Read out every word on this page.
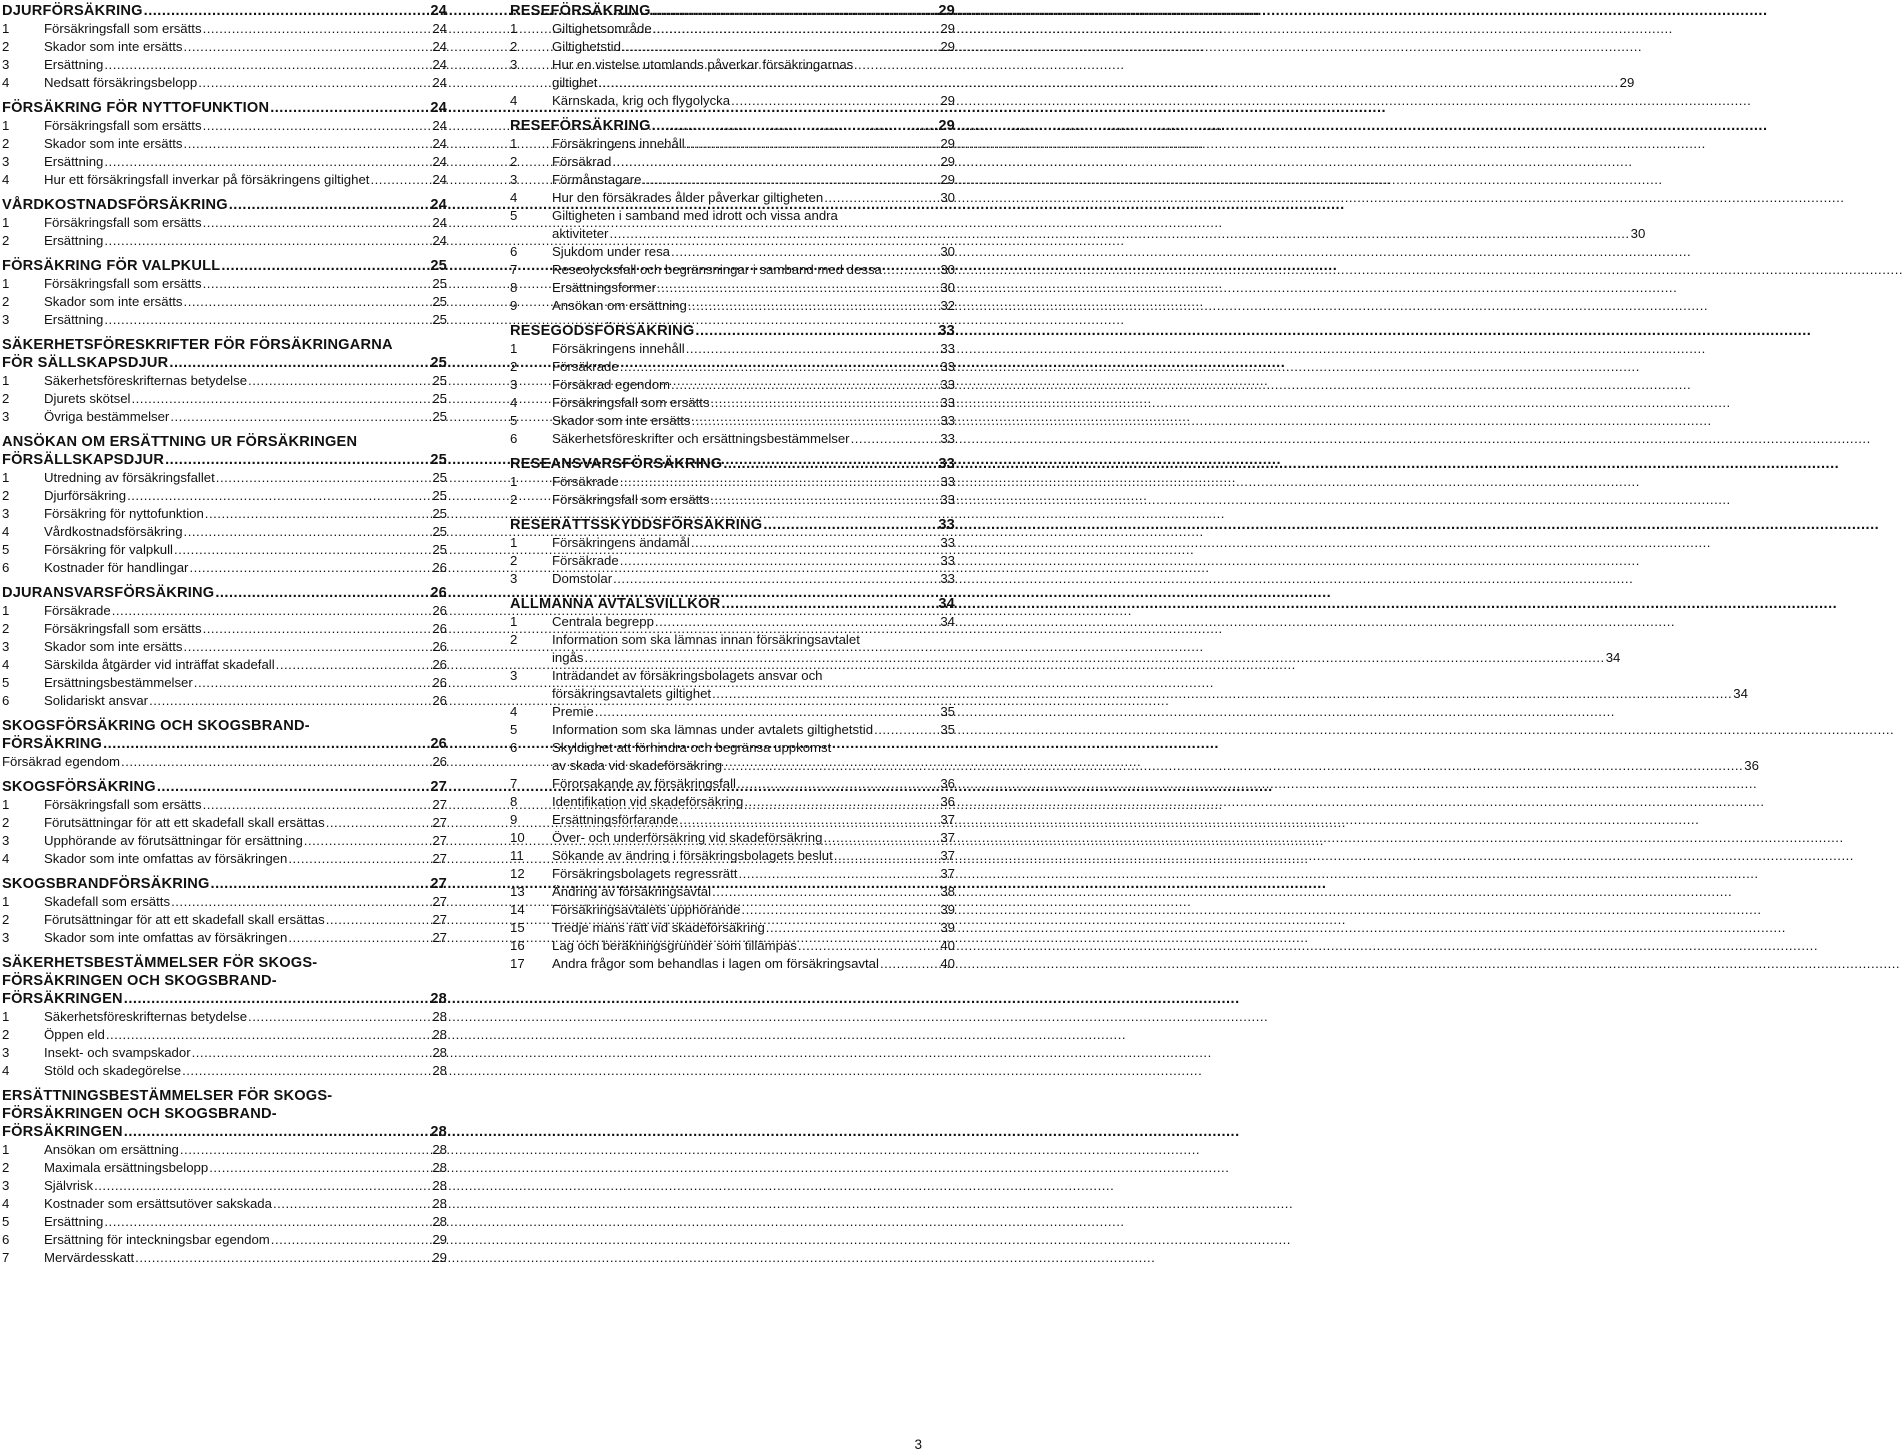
DJURFÖRSÄKRING .....	24
1	Försäkringsfall som ersätts .....	24
2	Skador som inte ersätts .....	24
3	Ersättning .....	24
4	Nedsatt försäkringsbelopp .....	24
FÖRSÄKRING FÖR NYTTOFUNKTION .....	24
1	Försäkringsfall som ersätts .....	24
2	Skador som inte ersätts .....	24
3	Ersättning .....	24
4	Hur ett försäkringsfall inverkar på försäkringens giltighet .....	24
VÅRDKOSTNADSFÖRSÄKRING .....	24
1	Försäkringsfall som ersätts .....	24
2	Ersättning .....	24
FÖRSÄKRING FÖR VALPKULL .....	25
1	Försäkringsfall som ersätts .....	25
2	Skador som inte ersätts .....	25
3	Ersättning .....	25
SÄKERHETSFÖRESKRIFTER FÖR FÖRSÄKRINGARNA
FÖR SÄLLSKAPSDJUR .....	25
1	Säkerhetsföreskrifternas betydelse .....	25
2	Djurets skötsel .....	25
3	Övriga bestämmelser .....	25
ANSÖKAN OM ERSÄTTNING UR FÖRSÄKRINGEN
FÖRSÄLLSKAPSDJUR .....	25
1	Utredning av försäkringsfallet .....	25
2	Djurförsäkring .....	25
3	Försäkring för nyttofunktion .....	25
4	Vårdkostnadsförsäkring .....	25
5	Försäkring för valpkull .....	25
6	Kostnader för handlingar .....	26
DJURANSVARSFÖRSÄKRING .....	26
1	Försäkrade .....	26
2	Försäkringsfall som ersätts .....	26
3	Skador som inte ersätts .....	26
4	Särskilda åtgärder vid inträffat skadefall .....	26
5	Ersättningsbestämmelser .....	26
6	Solidariskt ansvar .....	26
SKOGSFÖRSÄKRING OCH SKOGSBRAND-
FÖRSÄKRING .....	26
Försäkrad egendom .....	26
SKOGSFÖRSÄKRING .....	27
1	Försäkringsfall som ersätts .....	27
2	Förutsättningar för att ett skadefall skall ersättas .....	27
3	Upphörande av förutsättningar för ersättning .....	27
4	Skador som inte omfattas av försäkringen .....	27
SKOGSBRANDFÖRSÄKRING .....	27
1	Skadefall som ersätts .....	27
2	Förutsättningar för att ett skadefall skall ersättas .....	27
3	Skador som inte omfattas av försäkringen .....	27
SÄKERHETSBESTÄMMELSER FÖR SKOGS-
FÖRSÄKRINGEN OCH SKOGSBRAND-
FÖRSÄKRINGEN .....	28
1	Säkerhetsföreskrifternas betydelse .....	28
2	Öppen eld .....	28
3	Insekt- och svampskador .....	28
4	Stöld och skadegörelse .....	28
ERSÄTTNINGSBESTÄMMELSER FÖR SKOGS-
FÖRSÄKRINGEN OCH SKOGSBRAND-
FÖRSÄKRINGEN .....	28
1	Ansökan om ersättning .....	28
2	Maximala ersättningsbelopp .....	28
3	Självrisk .....	28
4	Kostnader som ersättsutöver sakskada .....	28
5	Ersättning .....	28
6	Ersättning för inteckningsbar egendom .....	29
7	Mervärdesskatt .....	29
RESEFÖRSÄKRING .....	29
1	Giltighetsområde .....	29
2	Giltighetstid .....	29
3	Hur en vistelse utomlands påverkar försäkringarnas
giltighet .....	29
4	Kärnskada, krig och flygolycka .....	29
RESEFÖRSÄKRING .....	29
1	Försäkringens innehåll .....	29
2	Försäkrad .....	29
3	Förmånstagare .....	29
4	Hur den försäkrades ålder påverkar giltigheten .....	30
5	Giltigheten i samband med idrott och vissa andra
aktiviteter .....	30
6	Sjukdom under resa .....	30
7	Reseolycksfall och begränsningar i samband med dessa .....	30
8	Ersättningsformer .....	30
9	Ansökan om ersättning .....	32
RESEGODSFÖRSÄKRING .....	33
1	Försäkringens innehåll .....	33
2	Försäkrade .....	33
3	Försäkrad egendom .....	33
4	Försäkringsfall som ersätts .....	33
5	Skador som inte ersätts .....	33
6	Säkerhetsföreskrifter och ersättningsbestämmelser .....	33
RESEANSVARSFÖRSÄKRING .....	33
1	Försäkrade .....	33
2	Försäkringsfall som ersätts .....	33
RESERÄTTSSKYDDSFÖRSÄKRING .....	33
1	Försäkringens ändamål .....	33
2	Försäkrade .....	33
3	Domstolar .....	33
ALLMÄNNA AVTALSVILLKOR .....	34
1	Centrala begrepp .....	34
2	Information som ska lämnas innan försäkringsavtalet
ingås .....	34
3	Inträdandet av försäkringsbolagets ansvar och
försäkringsavtalets giltighet .....	34
4	Premie .....	35
5	Information som ska lämnas under avtalets giltighetstid .....	35
6	Skyldighet att förhindra och begränsa uppkomst
av skada vid skadeförsäkring .....	36
7	Förorsakande av försäkringsfall .....	36
8	Identifikation vid skadeförsäkring .....	36
9	Ersättningsförfarande .....	37
10	Över- och underförsäkring vid skadeförsäkring .....	37
11	Sökande av ändring i försäkringsbolagets beslut .....	37
12	Försäkringsbolagets regressrätt .....	37
13	Ändring av försäkringsavtal .....	38
14	Försäkringsavtalets upphörande .....	39
15	Tredje mans rätt vid skadeförsäkring .....	39
16	Lag och beräkningsgrunder som tillämpas .....	40
17	Andra frågor som behandlas i lagen om försäkringsavtal .....	40
3
